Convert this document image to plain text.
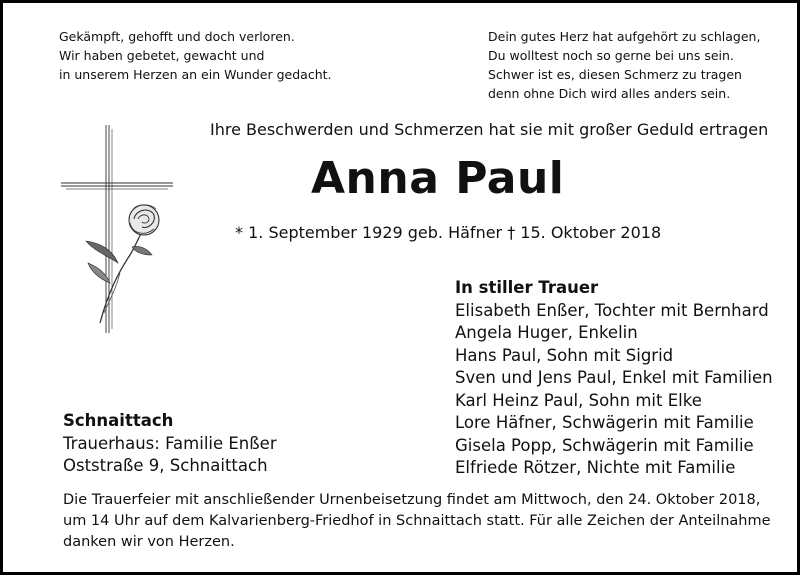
Gekämpft, gehofft und doch verloren.
Wir haben gebetet, gewacht und
in unserem Herzen an ein Wunder gedacht.
Dein gutes Herz hat aufgehört zu schlagen,
Du wolltest noch so gerne bei uns sein.
Schwer ist es, diesen Schmerz zu tragen
denn ohne Dich wird alles anders sein.
Ihre Beschwerden und Schmerzen hat sie mit großer Geduld ertragen
Anna Paul
* 1. September 1929 geb. Häfner † 15. Oktober 2018
In stiller Trauer
Elisabeth Enßer, Tochter mit Bernhard
Angela Huger, Enkelin
Hans Paul, Sohn mit Sigrid
Sven und Jens Paul, Enkel mit Familien
Karl Heinz Paul, Sohn mit Elke
Lore Häfner, Schwägerin mit Familie
Gisela Popp, Schwägerin mit Familie
Elfriede Rötzer, Nichte mit Familie
Schnaittach
Trauerhaus: Familie Enßer
Oststraße 9, Schnaittach
Die Trauerfeier mit anschließender Urnenbeisetzung findet am Mittwoch, den 24. Oktober 2018,
um 14 Uhr auf dem Kalvarienberg-Friedhof in Schnaittach statt. Für alle Zeichen der Anteilnahme
danken wir von Herzen.
